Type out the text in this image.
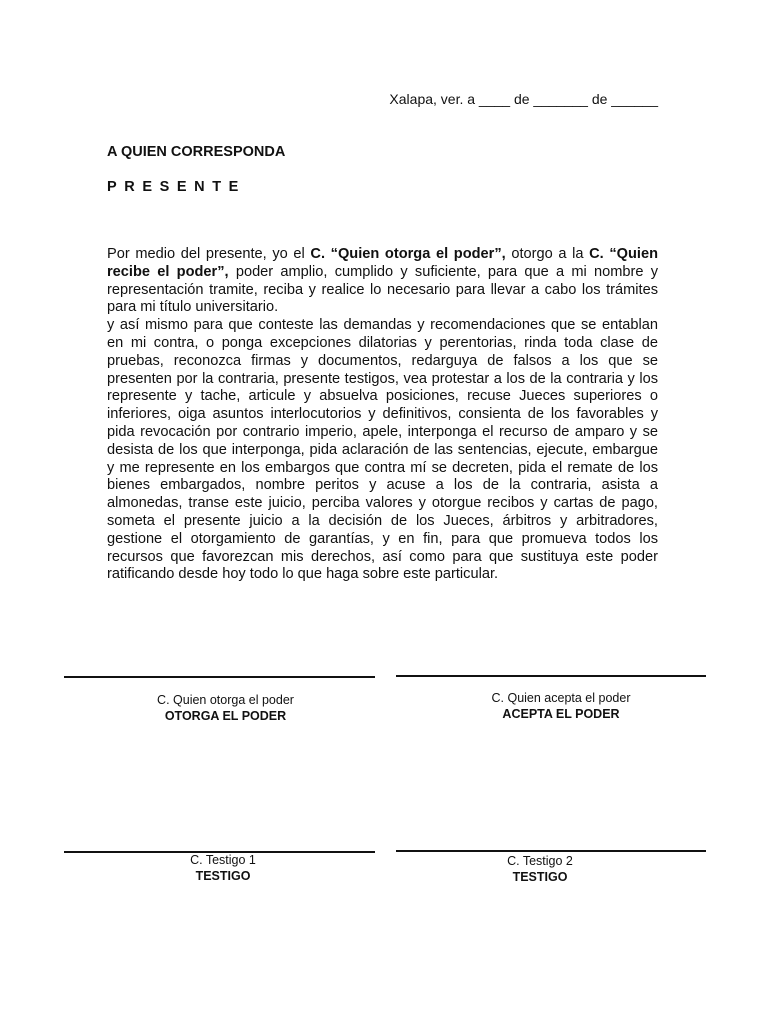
Xalapa, ver. a ____ de _______ de ______
A QUIEN CORRESPONDA
PRESENTE

Por medio del presente, yo el C. “Quien otorga el poder”, otorgo a la C. “Quien recibe el poder”, poder amplio, cumplido y suficiente, para que a mi nombre y representación tramite, reciba y realice lo necesario para llevar a cabo los trámites para mi título universitario.

y así mismo para que conteste las demandas y recomendaciones que se entablan en mi contra, o ponga excepciones dilatorias y perentorias, rinda toda clase de pruebas, reconozca firmas y documentos, redarguya de falsos a los que se presenten por la contraria, presente testigos, vea protestar a los de la contraria y los represente y tache, articule y absuelva posiciones, recuse Jueces superiores o inferiores, oiga asuntos interlocutorios y definitivos, consienta de los favorables y pida revocación por contrario imperio, apele, interponga el recurso de amparo y se desista de los que interponga, pida aclaración de las sentencias, ejecute, embargue y me represente en los embargos que contra mí se decreten, pida el remate de los bienes embargados, nombre peritos y acuse a los de la contraria, asista a almonedas, transe este juicio, perciba valores y otorgue recibos y cartas de pago, someta el presente juicio a la decisión de los Jueces, árbitros y arbitradores, gestione el otorgamiento de garantías, y en fin, para que promueva todos los recursos que favorezcan mis derechos, así como para que sustituya este poder ratificando desde hoy todo lo que haga sobre este particular.

C. Quien otorga el poder
OTORGA EL PODER
C. Quien acepta el poder
ACEPTA EL PODER
C. Testigo 1
TESTIGO
C. Testigo 2
TESTIGO
